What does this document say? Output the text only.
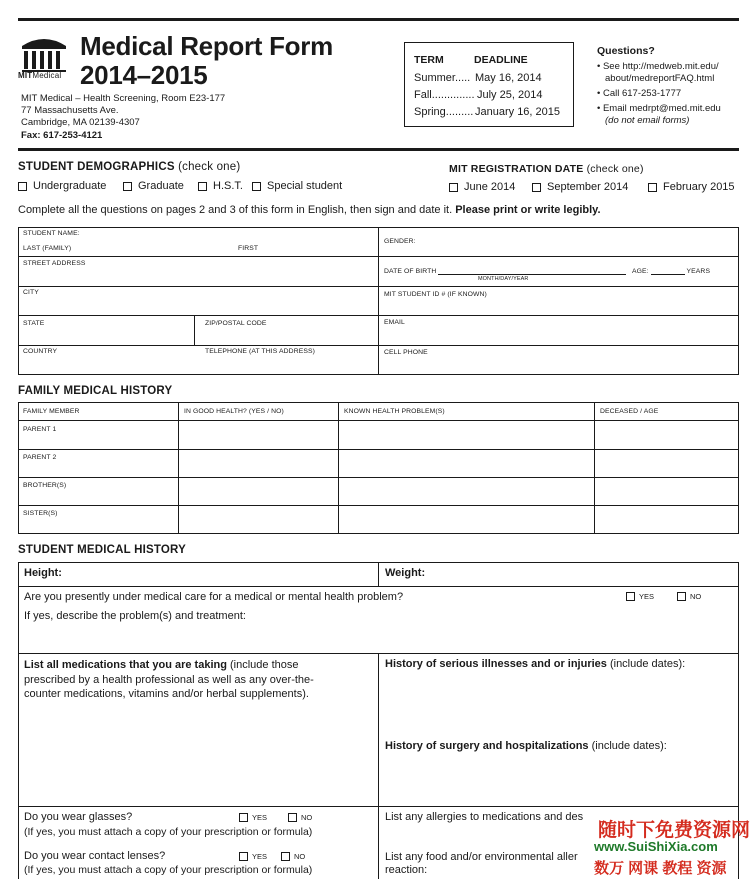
MITMedical
Medical Report Form
2014–2015
MIT Medical – Health Screening, Room E23-177
77 Massachusetts Ave.
Cambridge, MA 02139-4307
Fax: 617-253-4121
TERM	DEADLINE
Summer..... May 16, 2014
Fall.............. July 25, 2014
Spring......... January 16, 2015
Questions?
• See http://medweb.mit.edu/
about/medreportFAQ.html
• Call 617-253-1777
• Email medrpt@med.mit.edu
(do not email forms)
STUDENT DEMOGRAPHICS (check one)	MIT REGISTRATION DATE (check one)
Undergraduate	Graduate	H.S.T. Special student	June 2014	September 2014	February 2015
Complete all the questions on pages 2 and 3 of this form in English, then sign and date it. Please print or write legibly.
STUDENT NAME:
LAST (FAMILY)	FIRST
GENDER:
STREET ADDRESS
DATE OF BIRTH
MONTH/DAY/YEAR
AGE:	YEARS
CITY	MIT STUDENT ID # (IF KNOWN)
STATE	ZIP/POSTAL CODE	EMAIL
COUNTRY	TELEPHONE (AT THIS ADDRESS)	CELL PHONE
FAMILY MEDICAL HISTORY
FAMILY MEMBER	IN GOOD HEALTH? (YES / NO)	KNOWN HEALTH PROBLEM(S)	DECEASED / AGE
PARENT 1
PARENT 2
BROTHER(S)
SISTER(S)
STUDENT MEDICAL HISTORY
Height:	Weight:
Are you presently under medical care for a medical or mental health problem?	YES	NO
If yes, describe the problem(s) and treatment:
List all medications that you are taking (include those
prescribed by a health professional as well as any over-the-
counter medications, vitamins and/or herbal supplements).
History of serious illnesses and or injuries (include dates):
History of surgery and hospitalizations (include dates):
Do you wear glasses?	YES	NO
(If yes, you must attach a copy of your prescription or formula)
Do you wear contact lenses?	YES	NO
(If yes, you must attach a copy of your prescription or formula)
List any allergies to medications and des
List any food and/or environmental aller
reaction:
随时下免费资源网
www.SuiShiXia.com
数万 网课 教程 资源
